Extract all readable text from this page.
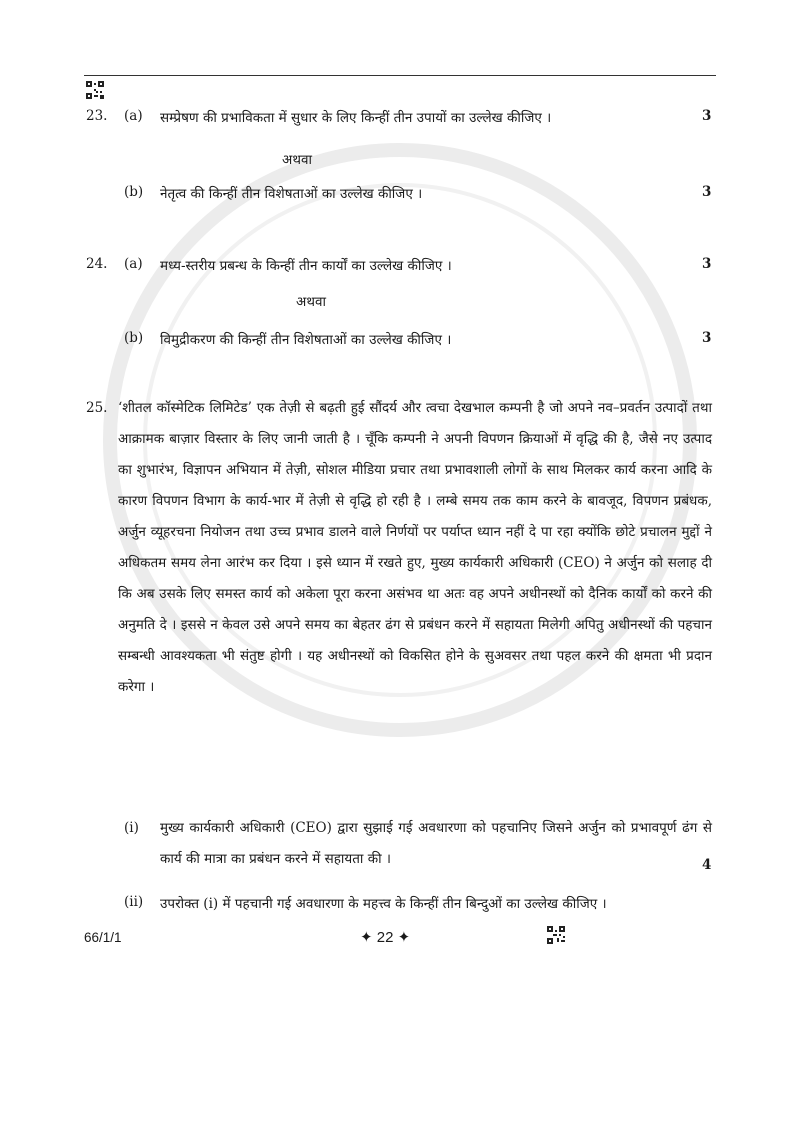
23. (a) सम्प्रेषण की प्रभाविकता में सुधार के लिए किन्हीं तीन उपायों का उल्लेख कीजिए ।	3
अथवा
(b) नेतृत्व की किन्हीं तीन विशेषताओं का उल्लेख कीजिए ।	3
24. (a) मध्य-स्तरीय प्रबन्ध के किन्हीं तीन कार्यों का उल्लेख कीजिए ।	3
अथवा
(b) विमुद्रीकरण की किन्हीं तीन विशेषताओं का उल्लेख कीजिए ।	3
25. ‘शीतल कॉस्मेटिक लिमिटेड’ एक तेज़ी से बढ़ती हुई सौंदर्य और त्वचा देखभाल कम्पनी है जो अपने नव–प्रवर्तन उत्पादों तथा आक्रामक बाज़ार विस्तार के लिए जानी जाती है । चूँकि कम्पनी ने अपनी विपणन क्रियाओं में वृद्धि की है, जैसे नए उत्पाद का शुभारंभ, विज्ञापन अभियान में तेज़ी, सोशल मीडिया प्रचार तथा प्रभावशाली लोगों के साथ मिलकर कार्य करना आदि के कारण विपणन विभाग के कार्य-भार में तेज़ी से वृद्धि हो रही है । लम्बे समय तक काम करने के बावजूद, विपणन प्रबंधक, अर्जुन व्यूहरचना नियोजन तथा उच्च प्रभाव डालने वाले निर्णयों पर पर्याप्त ध्यान नहीं दे पा रहा क्योंकि छोटे प्रचालन मुद्दों ने अधिकतम समय लेना आरंभ कर दिया । इसे ध्यान में रखते हुए, मुख्य कार्यकारी अधिकारी (CEO) ने अर्जुन को सलाह दी कि अब उसके लिए समस्त कार्य को अकेला पूरा करना असंभव था अतः वह अपने अधीनस्थों को दैनिक कार्यों को करने की अनुमति दे । इससे न केवल उसे अपने समय का बेहतर ढंग से प्रबंधन करने में सहायता मिलेगी अपितु अधीनस्थों की पहचान सम्बन्धी आवश्यकता भी संतुष्ट होगी । यह अधीनस्थों को विकसित होने के सुअवसर तथा पहल करने की क्षमता भी प्रदान करेगा ।
(i) मुख्य कार्यकारी अधिकारी (CEO) द्वारा सुझाई गई अवधारणा को पहचानिए जिसने अर्जुन को प्रभावपूर्ण ढंग से कार्य की मात्रा का प्रबंधन करने में सहायता की ।	4
(ii) उपरोक्त (i) में पहचानी गई अवधारणा के महत्त्व के किन्हीं तीन बिन्दुओं का उल्लेख कीजिए ।
66/1/1	✦ 22 ✦
